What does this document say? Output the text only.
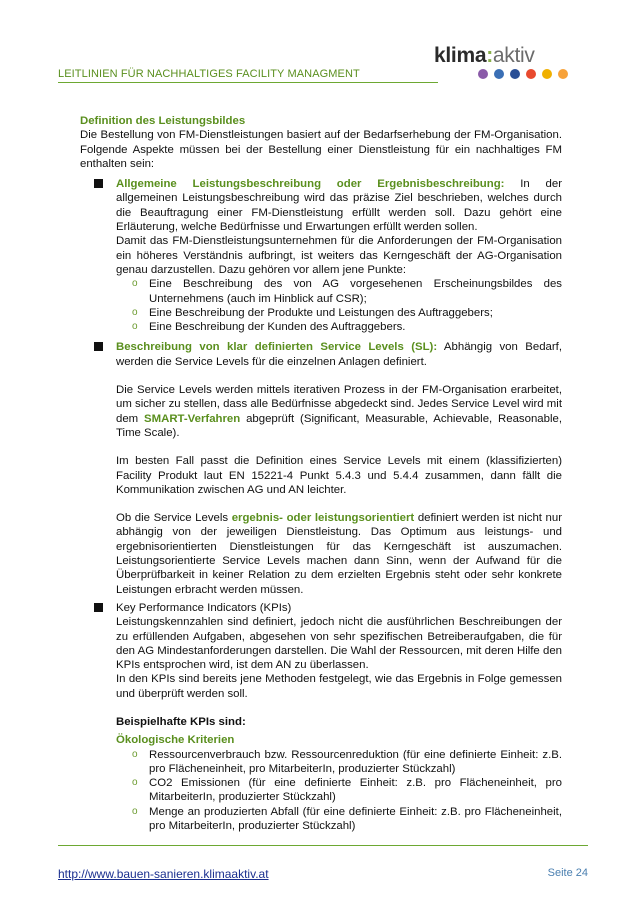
LEITLINIEN FÜR NACHHALTIGES FACILITY MANAGMENT
klima:aktiv

Definition des Leistungsbildes

Die Bestellung von FM-Dienstleistungen basiert auf der Bedarfserhebung der FM-Organisation. Folgende Aspekte müssen bei der Bestellung einer Dienstleistung für ein nachhaltiges FM enthalten sein:

Allgemeine Leistungsbeschreibung oder Ergebnisbeschreibung: In der allgemeinen Leistungsbeschreibung wird das präzise Ziel beschrieben, welches durch die Beauftragung einer FM-Dienstleistung erfüllt werden soll. Dazu gehört eine Erläuterung, welche Bedürfnisse und Erwartungen erfüllt werden sollen.

Damit das FM-Dienstleistungsunternehmen für die Anforderungen der FM-Organisation ein höheres Verständnis aufbringt, ist weiters das Kerngeschäft der AG-Organisation genau darzustellen. Dazu gehören vor allem jene Punkte:

o Eine Beschreibung des von AG vorgesehenen Erscheinungsbildes des Unternehmens (auch im Hinblick auf CSR);

o Eine Beschreibung der Produkte und Leistungen des Auftraggebers;

o Eine Beschreibung der Kunden des Auftraggebers.

Beschreibung von klar definierten Service Levels (SL): Abhängig von Bedarf, werden die Service Levels für die einzelnen Anlagen definiert.

Die Service Levels werden mittels iterativen Prozess in der FM-Organisation erarbeitet, um sicher zu stellen, dass alle Bedürfnisse abgedeckt sind. Jedes Service Level wird mit dem SMART-Verfahren abgeprüft (Significant, Measurable, Achievable, Reasonable, Time Scale).

Im besten Fall passt die Definition eines Service Levels mit einem (klassifizierten) Facility Produkt laut EN 15221-4 Punkt 5.4.3 und 5.4.4 zusammen, dann fällt die Kommunikation zwischen AG und AN leichter.

Ob die Service Levels ergebnis- oder leistungsorientiert definiert werden ist nicht nur abhängig von der jeweiligen Dienstleistung. Das Optimum aus leistungs- und ergebnisorientierten Dienstleistungen für das Kerngeschäft ist auszumachen. Leistungsorientierte Service Levels machen dann Sinn, wenn der Aufwand für die Überprüfbarkeit in keiner Relation zu dem erzielten Ergebnis steht oder sehr konkrete Leistungen erbracht werden müssen.

Key Performance Indicators (KPIs)

Leistungskennzahlen sind definiert, jedoch nicht die ausführlichen Beschreibungen der zu erfüllenden Aufgaben, abgesehen von sehr spezifischen Betreiberaufgaben, die für den AG Mindestanforderungen darstellen. Die Wahl der Ressourcen, mit deren Hilfe den KPIs entsprochen wird, ist dem AN zu überlassen.

In den KPIs sind bereits jene Methoden festgelegt, wie das Ergebnis in Folge gemessen und überprüft werden soll.

Beispielhafte KPIs sind:

Ökologische Kriterien

o Ressourcenverbrauch bzw. Ressourcenreduktion (für eine definierte Einheit: z.B. pro Flächeneinheit, pro MitarbeiterIn, produzierter Stückzahl)

o CO2 Emissionen (für eine definierte Einheit: z.B. pro Flächeneinheit, pro MitarbeiterIn, produzierter Stückzahl)

o Menge an produzierten Abfall (für eine definierte Einheit: z.B. pro Flächeneinheit, pro MitarbeiterIn, produzierter Stückzahl)

http://www.bauen-sanieren.klimaaktiv.at	Seite 24
